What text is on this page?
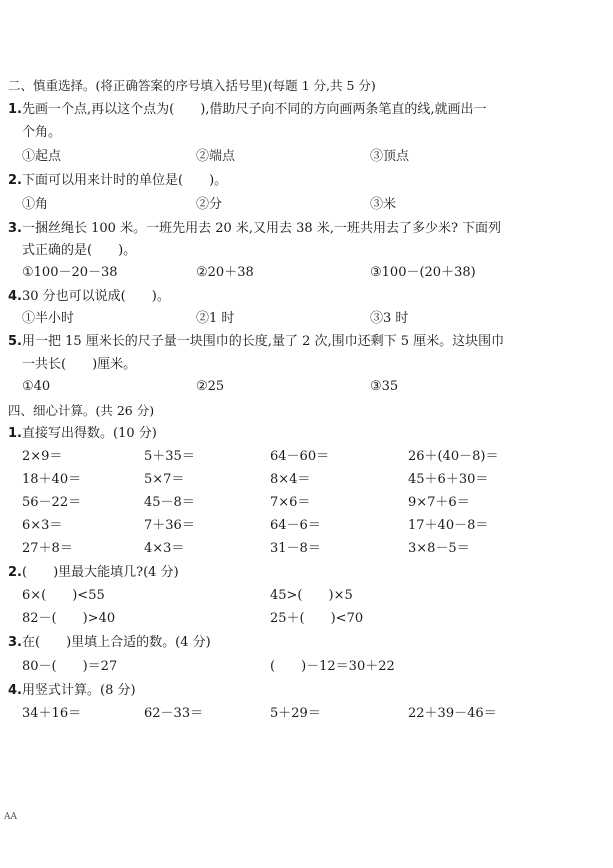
二、慎重选择。(将正确答案的序号填入括号里)(每题 1 分,共 5 分)
1. 先画一个点,再以这个点为(　　),借助尺子向不同的方向画两条笔直的线,就画出一
个角。
①起点	②端点	③顶点
2. 下面可以用来计时的单位是(　　)。
①角	②分	③米
3. 一捆丝绳长 100 米。一班先用去 20 米,又用去 38 米,一班共用去了多少米? 下面列
式正确的是(　　)。
①100－20－38	②20＋38	③100－(20＋38)
4. 30 分也可以说成(　　)。
①半小时	②1 时	③3 时
5. 用一把 15 厘米长的尺子量一块围巾的长度,量了 2 次,围巾还剩下 5 厘米。这块围巾
一共长(　　)厘米。
①40	②25	③35
四、细心计算。(共 26 分)
1. 直接写出得数。(10 分)
2×9＝	5＋35＝	64－60＝	26＋(40－8)＝
18＋40＝	5×7＝	8×4＝	45＋6＋30＝
56－22＝	45－8＝	7×6＝	9×7＋6＝
6×3＝	7＋36＝	64－6＝	17＋40－8＝
27＋8＝	4×3＝	31－8＝	3×8－5＝
2. (　　)里最大能填几?(4 分)
6×(　　)<55	45>(　　)×5
82－(　　)>40	25＋(　　)<70
3. 在(　　)里填上合适的数。(4 分)
80－(　　)＝27	(　　)－12＝30＋22
4. 用竖式计算。(8 分)
34＋16＝	62－33＝	5＋29＝	22＋39－46＝
AA
